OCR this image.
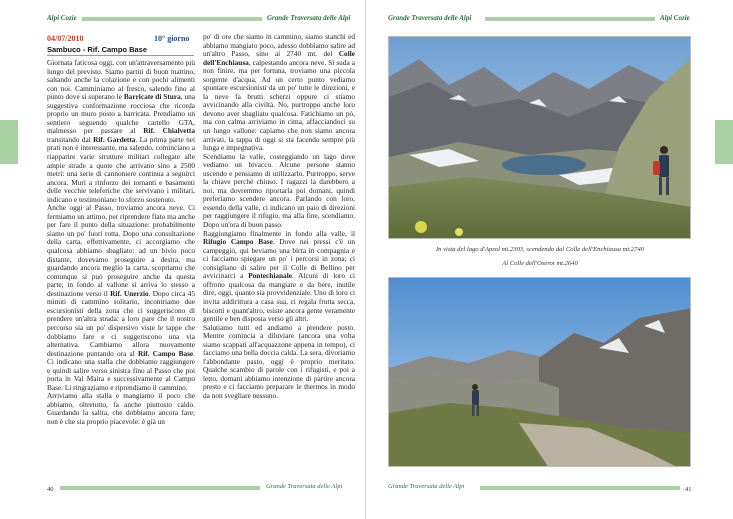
Alpi Cozie	Grande Traversata delle Alpi
04/07/2010	10° giorno
Sambuco - Rif. Campo Base

Giornata faticosa oggi, con un'attraversamento più lungo del previsto. Siamo partiti di buon mattino, saltando anche la colazione e con pochi alimenti con noi. Camminiamo al fresco, salendo fino al punto dove si superano le Barricate di Stura, una suggestiva conformazione rocciosa che ricorda proprio un muro posto a barricata. Prendiamo un sentiero seguendo qualche cartello GTA, malmesso per passare al Rif. Chialvetta transitando dal Rif. Gardetta. La prima parte nei prati non è interessante, ma salendo, cominciano a riapparire varie strutture militari collegate alle ampie strade a quote che arrivano sino a 2500 metri: una serie di cannoniere continua a seguirci ancora. Muri a rinforzo dei tornanti e basamenti delle vecchie teleferiche che servivano i militari, indicano e testimoniano lo sforzo sostenuto.

Anche oggi al Passo, troviamo ancora neve. Ci fermiamo un attimo, per riprendere fiato ma anche per fare il punto della situazione: probabilmente siamo un po' fuori rotta. Dopo una consultazione della carta, effettivamente, ci accorgiamo che qualcosa abbiamo sbagliato: ad un bivio poco distante, dovevamo proseguire a destra, ma guardando ancora meglio la carta, scopriamo che comunque si può proseguire anche da questa parte; in fondo al vallone si arriva lo stesso a destinazione verso il Rif. Unerzio. Dopo circa 45 minuti di cammino solitario, incontriamo due escursionisti della zona che ci suggeriscono di prendere un'altra strada: a loro pare che il nostro percorso sia un po' dispersivo viste le tappe che dobbiamo fare e ci suggeriscono una via alternativa. Cambiamo allora nuovamente destinazione puntando ora al Rif. Campo Base. Ci indicano una stalla che dobbiamo raggiungere e quindi salire verso sinistra fino al Passo che poi porta in Val Maira e successivamente al Campo Base. Li ringraziamo e riprendiamo il cammino.

Arriviamo alla stalla e mangiamo il poco che abbiamo, oltretutto, fa anche piuttosto caldo. Guardando la salita, che dobbiamo ancora fare; non è che sia proprio piacevole: è già un

po' di ore che siamo in cammino, siamo stanchi ed abbiamo mangiato poco, adesso dobbiamo salire ad un'altro Passo, sino ai 2740 mt. del Colle dell'Enchiausa, calpestando ancora neve. Si suda a non finire, ma per fortuna, troviamo una piccola sorgente d'acqua. Ad un certo punto vediamo spuntare escursionisti da un po' tutte le direzioni, e la neve fa brutti scherzi oppure ci stiamo avvicinando alla civiltà. No, purtroppo anche loro devono aver sbagliato qualcosa. Fatichiamo un pò, ma con calma arriviamo in cima, affacciandoci su un lungo vallone: capiamo che non siamo ancora arrivati, la tappa di oggi si sta facendo sempre più lunga e impegnativa.

Scendiamo la valle, costeggiando un lago dove vediamo un bivacco. Alcune persone stanno uscendo e pensiamo di utilizzarlo. Purtroppo, serve la chiave perché chiuso. I ragazzi la darebbero a noi, ma dovremmo riportarla poi domani, quindi preferiamo scendere ancora. Parlando con loro, essendo della valle, ci indicano un paio di direzioni per raggiungere il rifugio, ma alla fine, scendiamo. Dopo un'ora di buon passo.

Raggiungiamo finalmente in fondo alla valle, il Rifugio Campo Base. Dove nei pressi c'è un campeggio, qui beviamo una birra in compagnia e ci facciamo spiegare un po' i percorsi in zona; ci consigliano di salire per il Colle di Bellino per avvicinarci a Pontechianale. Alcuni di loro ci offrono qualcosa da mangiare e da bere, inutile dire, oggi, quanto sia provvidenziale. Uno di loro ci invita addirittura a casa sua, ci regala frutta secca, biscotti e quant'altro, esiste ancora gente veramente gentile e ben disposta verso gli altri.

Salutiamo tutti ed andiamo a prendere posto. Mentre comincia a diluviare (ancora una volta siamo scappati all'acquazzone appena in tempo), ci facciamo una bella doccia calda. La sera, divoriamo l'abbondante pasto, oggi è proprio meritato. Qualche scambio di parole con i rifugisti, e poi a letto, domani abbiamo intenzione di partire ancora presto e ci facciamo preparare le thermos in modo da non svegliare nessuno.

40	Grande Traversata delle Alpi
Grande Traversata delle Alpi	Alpi Cozie
In vista del lago d'Apzol mt.2303, scendendo dal Colle dell'Enchiausa mt.2740
Al Colle dell'Oserot mt.2640
Grande Traversata delle Alpi	41
